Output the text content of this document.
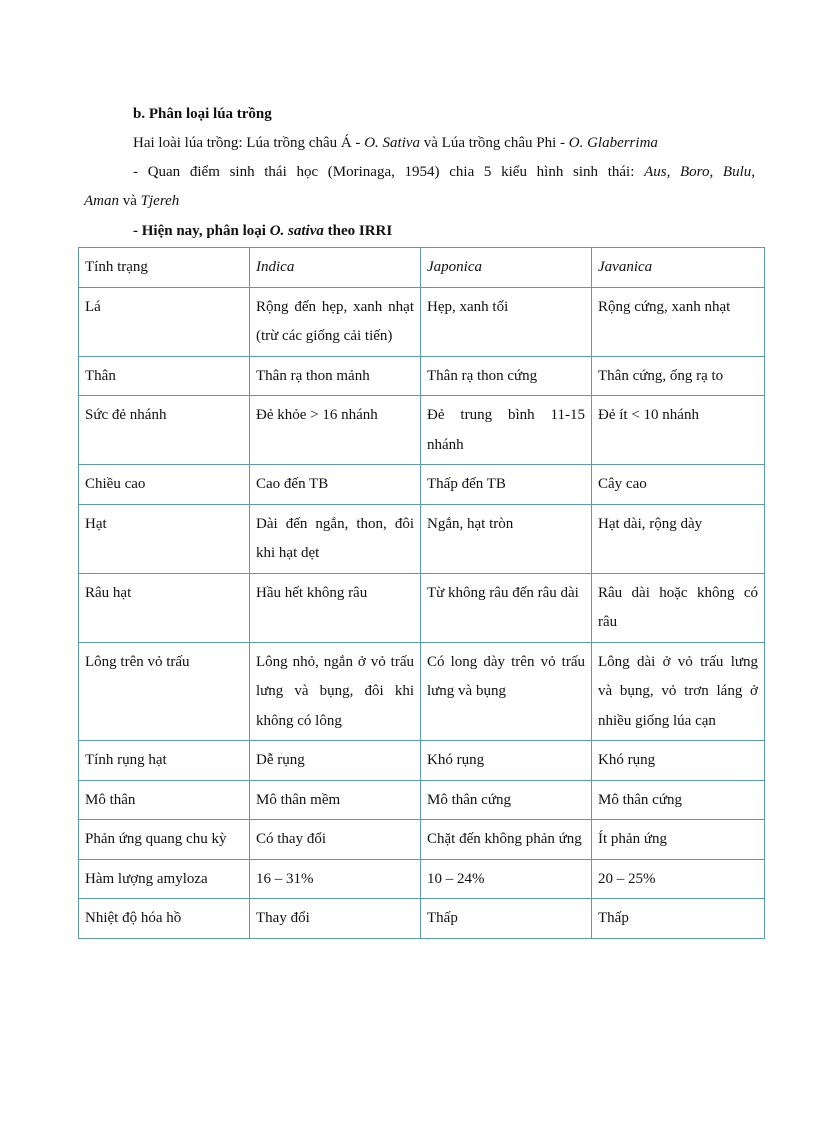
b. Phân loại lúa trồng
Hai loài lúa trồng: Lúa trồng châu Á - O. Sativa và Lúa trồng châu Phi - O. Glaberrima
- Quan điểm sinh thái học (Morinaga, 1954) chia 5 kiểu hình sinh thái: Aus, Boro, Bulu,
Aman và Tjereh
- Hiện nay, phân loại O. sativa theo IRRI
Tính trạng	Indica	Japonica	Javanica
Lá	Rộng đến hẹp, xanh nhạt (trừ các giống cải tiến)	Hẹp, xanh tối	Rộng cứng, xanh nhạt
Thân	Thân rạ thon mảnh	Thân rạ thon cứng	Thân cứng, ống rạ to
Sức đẻ nhánh	Đẻ khỏe > 16 nhánh	Đẻ trung bình 11-15 nhánh	Đẻ ít < 10 nhánh
Chiều cao	Cao đến TB	Thấp đến TB	Cây cao
Hạt	Dài đến ngắn, thon, đôi khi hạt dẹt	Ngắn, hạt tròn	Hạt dài, rộng dày
Râu hạt	Hầu hết không râu	Từ không râu đến râu dài	Râu dài hoặc không có râu
Lông trên vỏ trấu	Lông nhỏ, ngắn ở vỏ trấu lưng và bụng, đôi khi không có lông	Có long dày trên vỏ trấu lưng và bụng	Lông dài ở vỏ trấu lưng và bụng, vỏ trơn láng ở nhiều giống lúa cạn
Tính rụng hạt	Dễ rụng	Khó rụng	Khó rụng
Mô thân	Mô thân mềm	Mô thân cứng	Mô thân cứng
Phản ứng quang chu kỳ	Có thay đổi	Chặt đến không phản ứng	Ít phản ứng
Hàm lượng amyloza	16 – 31%	10 – 24%	20 – 25%
Nhiệt độ hóa hồ	Thay đổi	Thấp	Thấp
